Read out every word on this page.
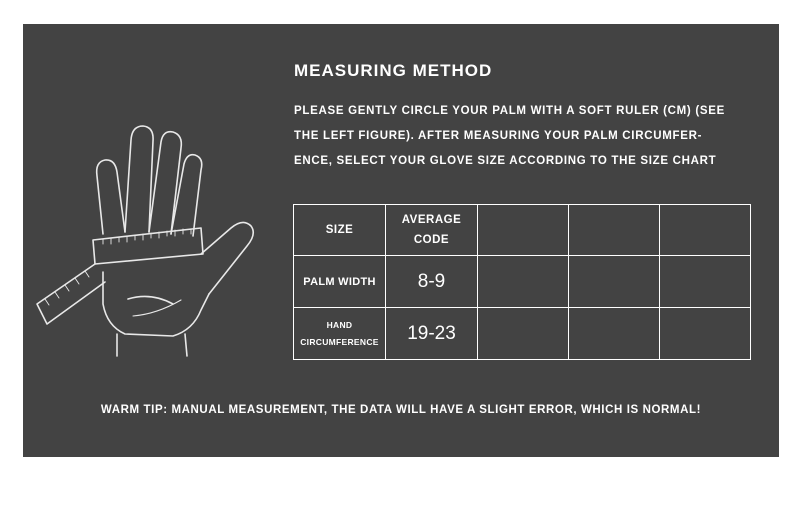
MEASURING METHOD
PLEASE GENTLY CIRCLE YOUR PALM WITH A SOFT RULER (CM) (SEE
THE LEFT FIGURE). AFTER MEASURING YOUR PALM CIRCUMFER-
ENCE, SELECT YOUR GLOVE SIZE ACCORDING TO THE SIZE CHART
SIZE	AVERAGE
CODE			
PALM WIDTH	8-9			
HAND
CIRCUMFERENCE	19-23			
WARM TIP: MANUAL MEASUREMENT, THE DATA WILL HAVE A SLIGHT ERROR, WHICH IS NORMAL!
